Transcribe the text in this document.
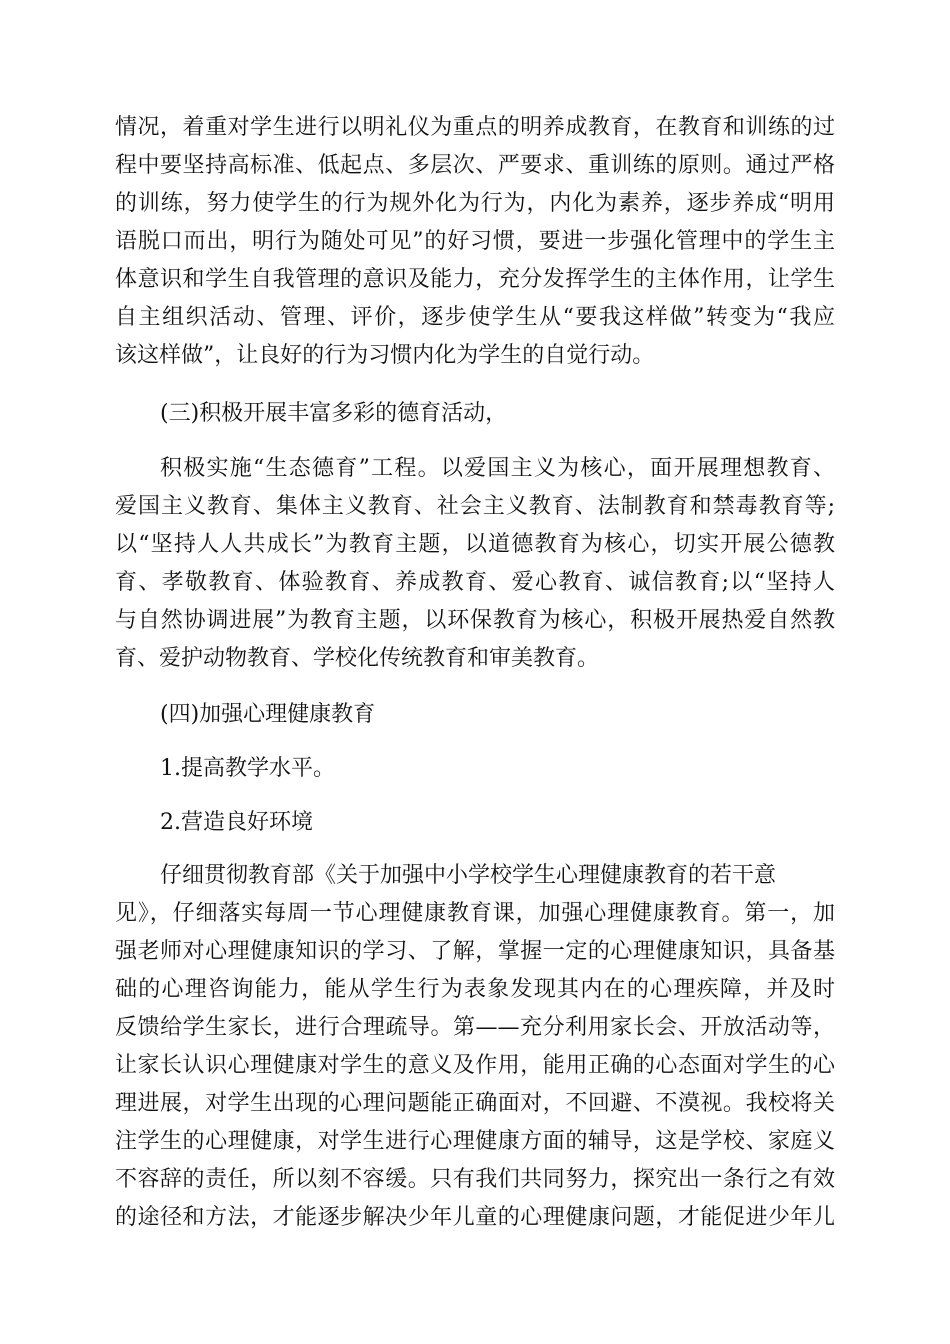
情况，着重对学生进行以明礼仪为重点的明养成教育，在教育和训练的过
程中要坚持高标准、低起点、多层次、严要求、重训练的原则。通过严格
的训练，努力使学生的行为规外化为行为，内化为素养，逐步养成“明用
语脱口而出，明行为随处可见”的好习惯，要进一步强化管理中的学生主
体意识和学生自我管理的意识及能力，充分发挥学生的主体作用，让学生
自主组织活动、管理、评价，逐步使学生从“要我这样做”转变为“我应
该这样做”，让良好的行为习惯内化为学生的自觉行动。
(三)积极开展丰富多彩的德育活动，
积极实施“生态德育”工程。以爱国主义为核心，面开展理想教育、
爱国主义教育、集体主义教育、社会主义教育、法制教育和禁毒教育等;
以“坚持人人共成长”为教育主题，以道德教育为核心，切实开展公德教
育、孝敬教育、体验教育、养成教育、爱心教育、诚信教育;以“坚持人
与自然协调进展”为教育主题，以环保教育为核心，积极开展热爱自然教
育、爱护动物教育、学校化传统教育和审美教育。
(四)加强心理健康教育
1.提高教学水平。
2.营造良好环境
仔细贯彻教育部《关于加强中小学校学生心理健康教育的若干意
见》，仔细落实每周一节心理健康教育课，加强心理健康教育。第一，加
强老师对心理健康知识的学习、了解，掌握一定的心理健康知识，具备基
础的心理咨询能力，能从学生行为表象发现其内在的心理疾障，并及时
反馈给学生家长，进行合理疏导。第——充分利用家长会、开放活动等，
让家长认识心理健康对学生的意义及作用，能用正确的心态面对学生的心
理进展，对学生出现的心理问题能正确面对，不回避、不漠视。我校将关
注学生的心理健康，对学生进行心理健康方面的辅导，这是学校、家庭义
不容辞的责任，所以刻不容缓。只有我们共同努力，探究出一条行之有效
的途径和方法，才能逐步解决少年儿童的心理健康问题，才能促进少年儿
